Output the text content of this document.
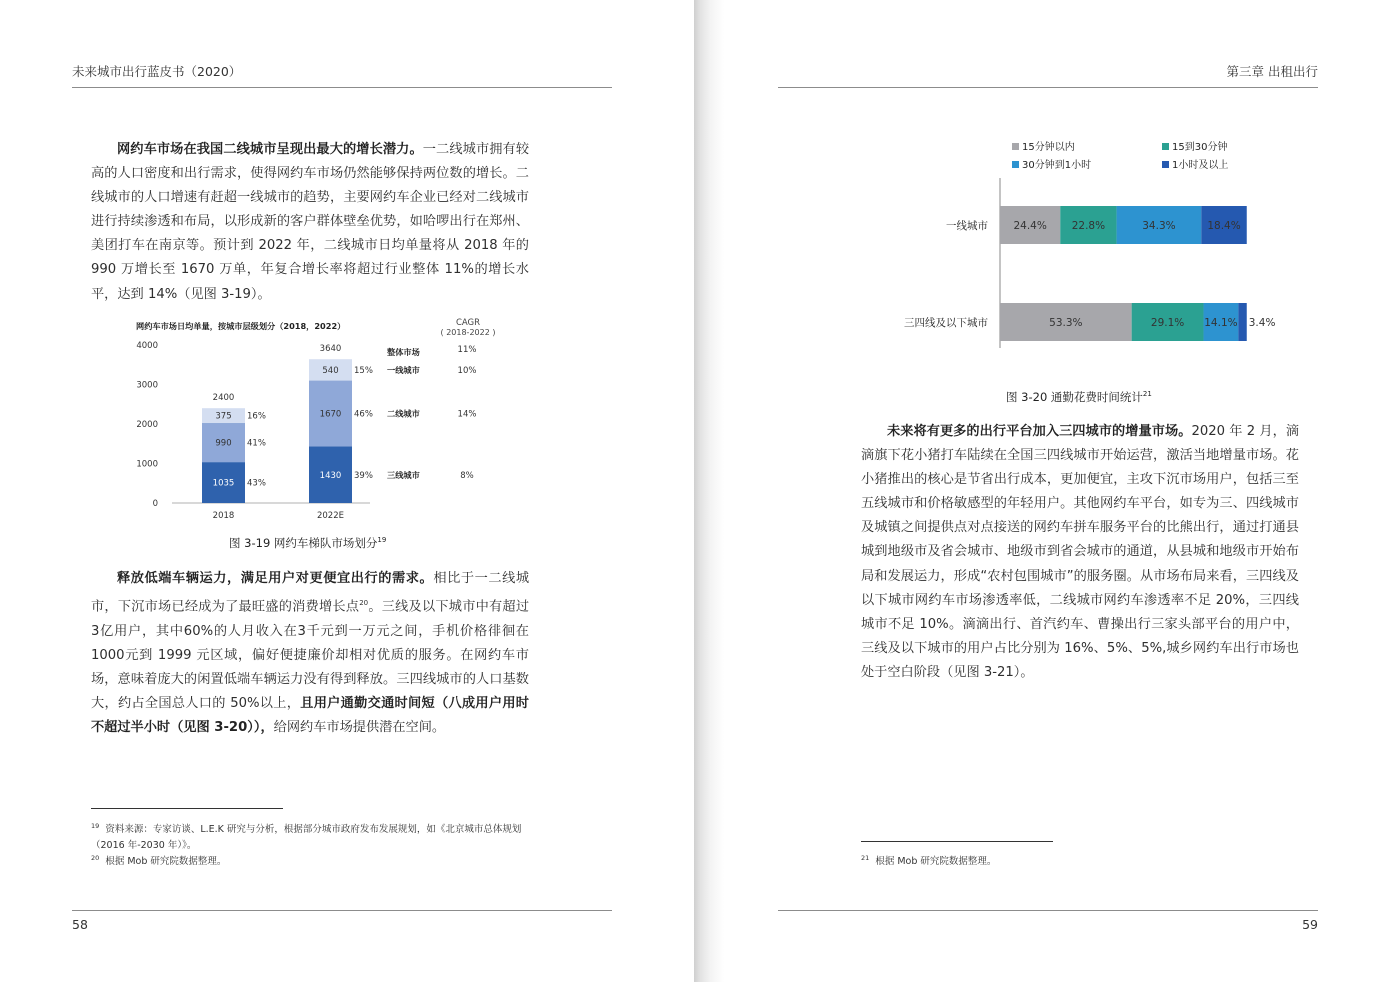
未来城市出行蓝皮书（2020）

网约车市场在我国二线城市呈现出最大的增长潜力。一二线城市拥有较高的人口密度和出行需求，使得网约车市场仍然能够保持两位数的增长。二线城市的人口增速有赶超一线城市的趋势，主要网约车企业已经对二线城市进行持续渗透和布局，以形成新的客户群体壁垒优势，如哈啰出行在郑州、美团打车在南京等。预计到 2022 年，二线城市日均单量将从 2018 年的 990 万增长至 1670 万单，年复合增长率将超过行业整体 11%的增长水平，达到 14%（见图 3-19）。

网约车市场日均单量，按城市层级划分（2018，2022）	CAGR
( 2018-2022 )
0
1000
2000
3000
4000
1035 43%
990 41%
375 16%
2400
2018
1430 39%
1670 46%
540 15%
3640
2022E
三线城市	8%
二线城市	14%
一线城市	10%
整体市场	11%
图 3-19 网约车梯队市场划分$^{19}$

释放低端车辆运力，满足用户对更便宜出行的需求。相比于一二线城市，下沉市场已经成为了最旺盛的消费增长点$^{20}$。三线及以下城市中有超过3亿用户，其中60%的人月收入在3千元到一万元之间，手机价格徘徊在1000元到 1999 元区域，偏好便捷廉价却相对优质的服务。在网约车市场，意味着庞大的闲置低端车辆运力没有得到释放。三四线城市的人口基数大，约占全国总人口的 50%以上，且用户通勤交通时间短（八成用户用时不超过半小时（见图 3-20）），给网约车市场提供潜在空间。

$^{19}$ 资料来源：专家访谈、L.E.K 研究与分析，根据部分城市政府发布发展规划，如《北京城市总体规划（2016 年-2030 年）》。

$^{20}$ 根据 Mob 研究院数据整理。

58
第三章 出租出行
15分钟以内	15到30分钟
30分钟到1小时	1小时及以上
一线城市
三四线及以下城市
24.4% 22.8%	34.3%	18.4%
53.3%	29.1% 14.1% 3.4%
图 3-20 通勤花费时间统计$^{21}$

未来将有更多的出行平台加入三四城市的增量市场。2020 年 2 月，滴滴旗下花小猪打车陆续在全国三四线城市开始运营，激活当地增量市场。花小猪推出的核心是节省出行成本，更加便宜，主攻下沉市场用户，包括三至五线城市和价格敏感型的年轻用户。其他网约车平台，如专为三、四线城市及城镇之间提供点对点接送的网约车拼车服务平台的比熊出行，通过打通县城到地级市及省会城市、地级市到省会城市的通道，从县城和地级市开始布局和发展运力，形成“农村包围城市”的服务圈。从市场布局来看，三四线及以下城市网约车市场渗透率低，二线城市网约车渗透率不足 20%，三四线城市不足 10%。滴滴出行、首汽约车、曹操出行三家头部平台的用户中，三线及以下城市的用户占比分别为 16%、5%、5%,城乡网约车出行市场也处于空白阶段（见图 3-21）。

$^{21}$ 根据 Mob 研究院数据整理。

59
